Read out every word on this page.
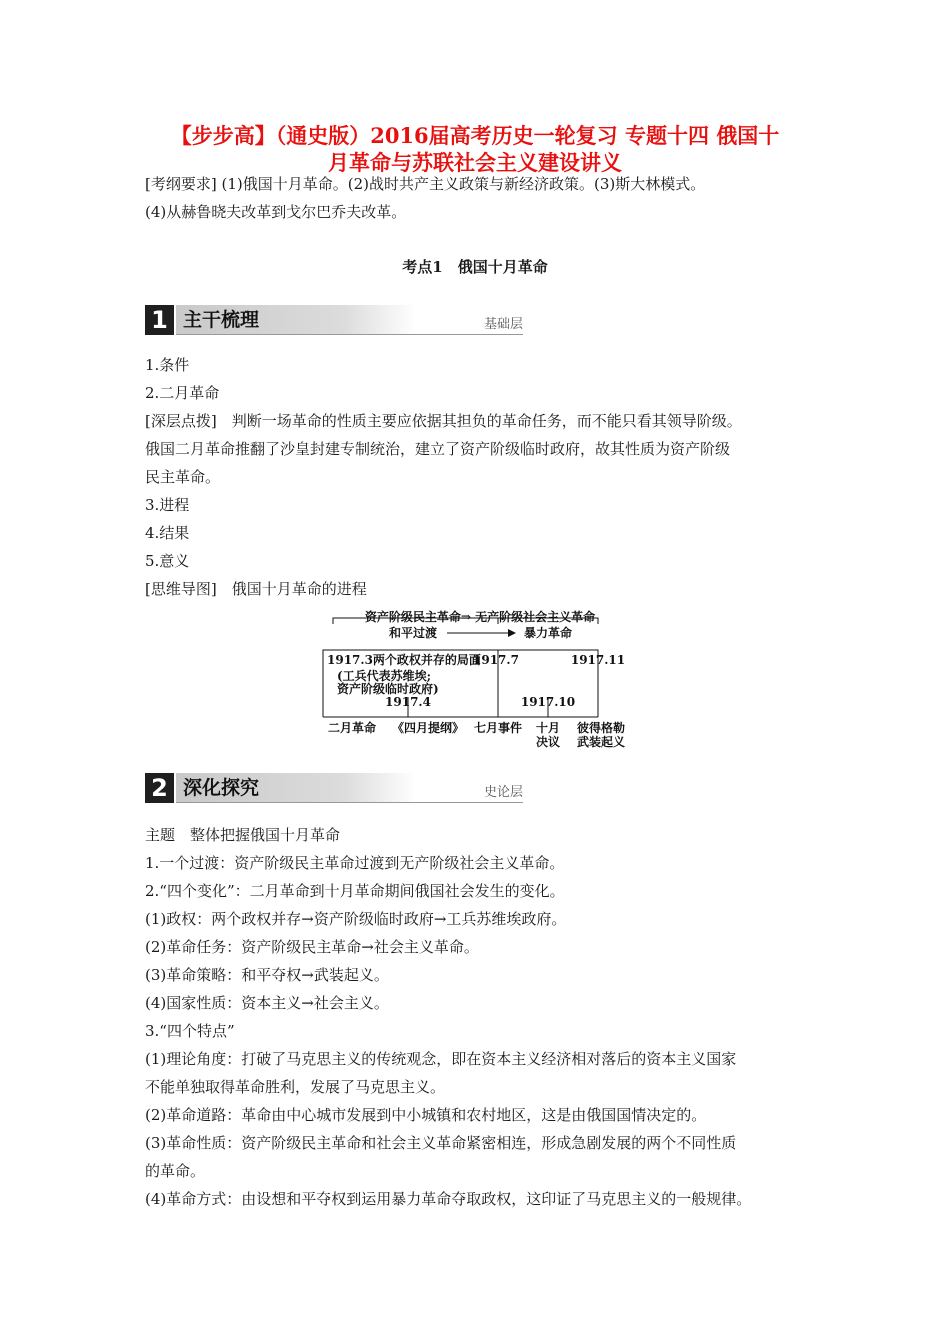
【步步高】（通史版）2016届高考历史一轮复习 专题十四 俄国十
月革命与苏联社会主义建设讲义

[考纲要求] (1)俄国十月革命。(2)战时共产主义政策与新经济政策。(3)斯大林模式。

(4)从赫鲁晓夫改革到戈尔巴乔夫改革。

考点1　俄国十月革命
1 主干梳理	基础层

1.条件

2.二月革命

[深层点拨]　判断一场革命的性质主要应依据其担负的革命任务，而不能只看其领导阶级。

俄国二月革命推翻了沙皇封建专制统治，建立了资产阶级临时政府，故其性质为资产阶级

民主革命。

3.进程

4.结果

5.意义

[思维导图]　俄国十月革命的进程

资产阶级民主革命⇒ 无产阶级社会主义革命
和平过渡	暴力革命
1917.3两个政权并存的局面
1917.7	1917.11
(工兵代表苏维埃;
资产阶级临时政府)
1917.4	1917.10
二月革命 《四月提纲》 七月事件 十月
决议
彼得格勒
武装起义
2 深化探究	史论层

主题　整体把握俄国十月革命

1.一个过渡：资产阶级民主革命过渡到无产阶级社会主义革命。

2.“四个变化”：二月革命到十月革命期间俄国社会发生的变化。

(1)政权：两个政权并存→资产阶级临时政府→工兵苏维埃政府。

(2)革命任务：资产阶级民主革命→社会主义革命。

(3)革命策略：和平夺权→武装起义。

(4)国家性质：资本主义→社会主义。

3.“四个特点”

(1)理论角度：打破了马克思主义的传统观念，即在资本主义经济相对落后的资本主义国家

不能单独取得革命胜利，发展了马克思主义。

(2)革命道路：革命由中心城市发展到中小城镇和农村地区，这是由俄国国情决定的。

(3)革命性质：资产阶级民主革命和社会主义革命紧密相连，形成急剧发展的两个不同性质

的革命。

(4)革命方式：由设想和平夺权到运用暴力革命夺取政权，这印证了马克思主义的一般规律。
